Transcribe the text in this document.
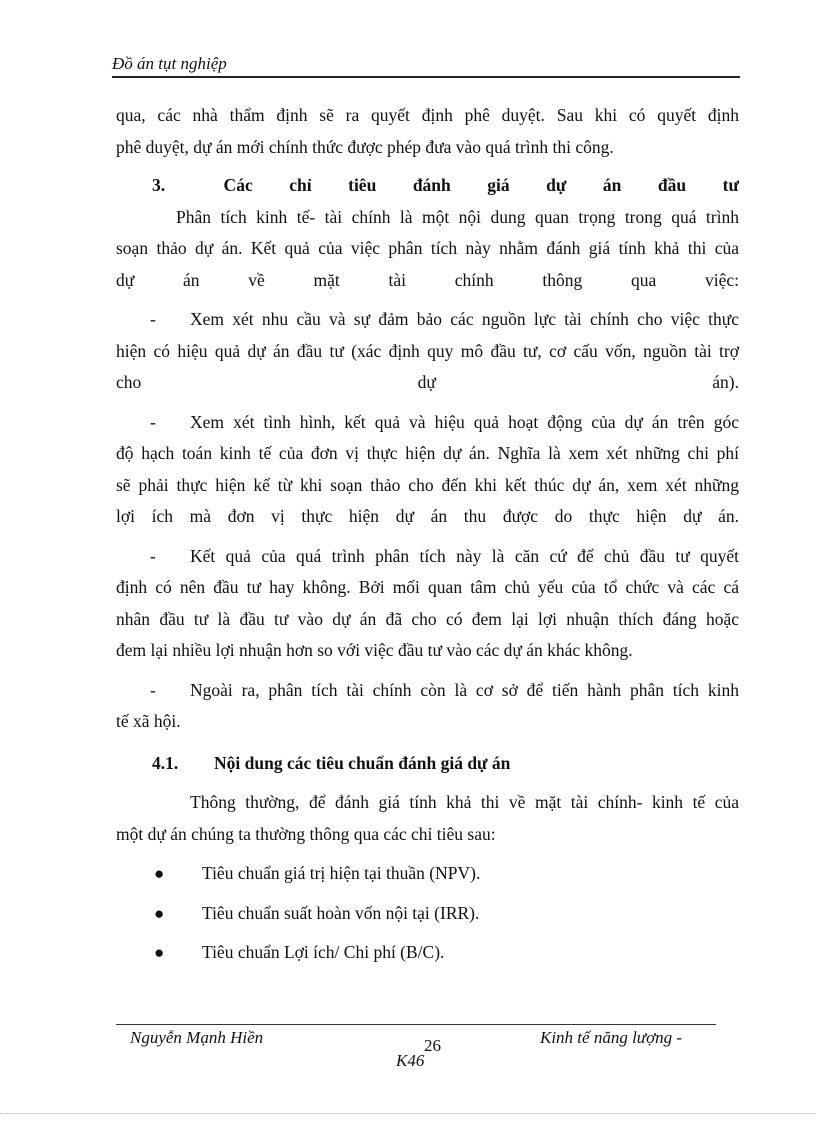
Đồ án tụt nghiệp

qua, các nhà thẩm định sẽ ra quyết định phê duyệt. Sau khi có quyết định

phê duyệt, dự án mới chính thức được phép đưa vào quá trình thi công.

3.        Các     chỉ     tiêu     đánh     giá     dự     án     đầu     tư

Phân tích kinh tế- tài chính là một nội dung quan trọng trong quá trình

soạn thảo dự án. Kết quả của việc phân tích này nhằm đánh giá tính khả thi của

dự     án     về     mặt     tài     chính     thông     qua     việc:

- Xem xét nhu cầu và sự đảm bảo các nguồn lực tài chính cho việc thực

hiện có hiệu quả dự án đầu tư (xác định quy mô đầu tư, cơ cấu vốn, nguồn tài trợ

cho                                        dự                                        án).

- Xem xét tình hình, kết quả và hiệu quả hoạt động của dự án trên góc

độ hạch toán kinh tế của đơn vị thực hiện dự án. Nghĩa là xem xét những chi phí

sẽ phải thực hiện kể từ khi soạn thảo cho đến khi kết thúc dự án, xem xét những

lợi ích mà đơn vị thực hiện dự án thu được do thực hiện dự án.

- Kết quả của quá trình phân tích này là căn cứ để chủ đầu tư quyết

định có nên đầu tư hay không. Bởi mối quan tâm chủ yếu của tổ chức và các cá

nhân đầu tư là đầu tư vào dự án đã cho có đem lại lợi nhuận thích đáng hoặc

đem lại nhiều lợi nhuận hơn so với việc đầu tư vào các dự án khác không.

- Ngoài ra, phân tích tài chính còn là cơ sở để tiến hành phân tích kinh

tế xã hội.

4.1. Nội dung các tiêu chuẩn đánh giá dự án

Thông thường, để đánh giá tính khả thi về mặt tài chính- kinh tế của

một dự án chúng ta thường thông qua các chỉ tiêu sau:

● Tiêu chuẩn giá trị hiện tại thuần (NPV).
● Tiêu chuẩn suất hoàn vốn nội tại (IRR).
● Tiêu chuẩn Lợi ích/ Chi phí (B/C).
Nguyễn Mạnh Hiền	26	Kinh tế năng lượng -
K46
